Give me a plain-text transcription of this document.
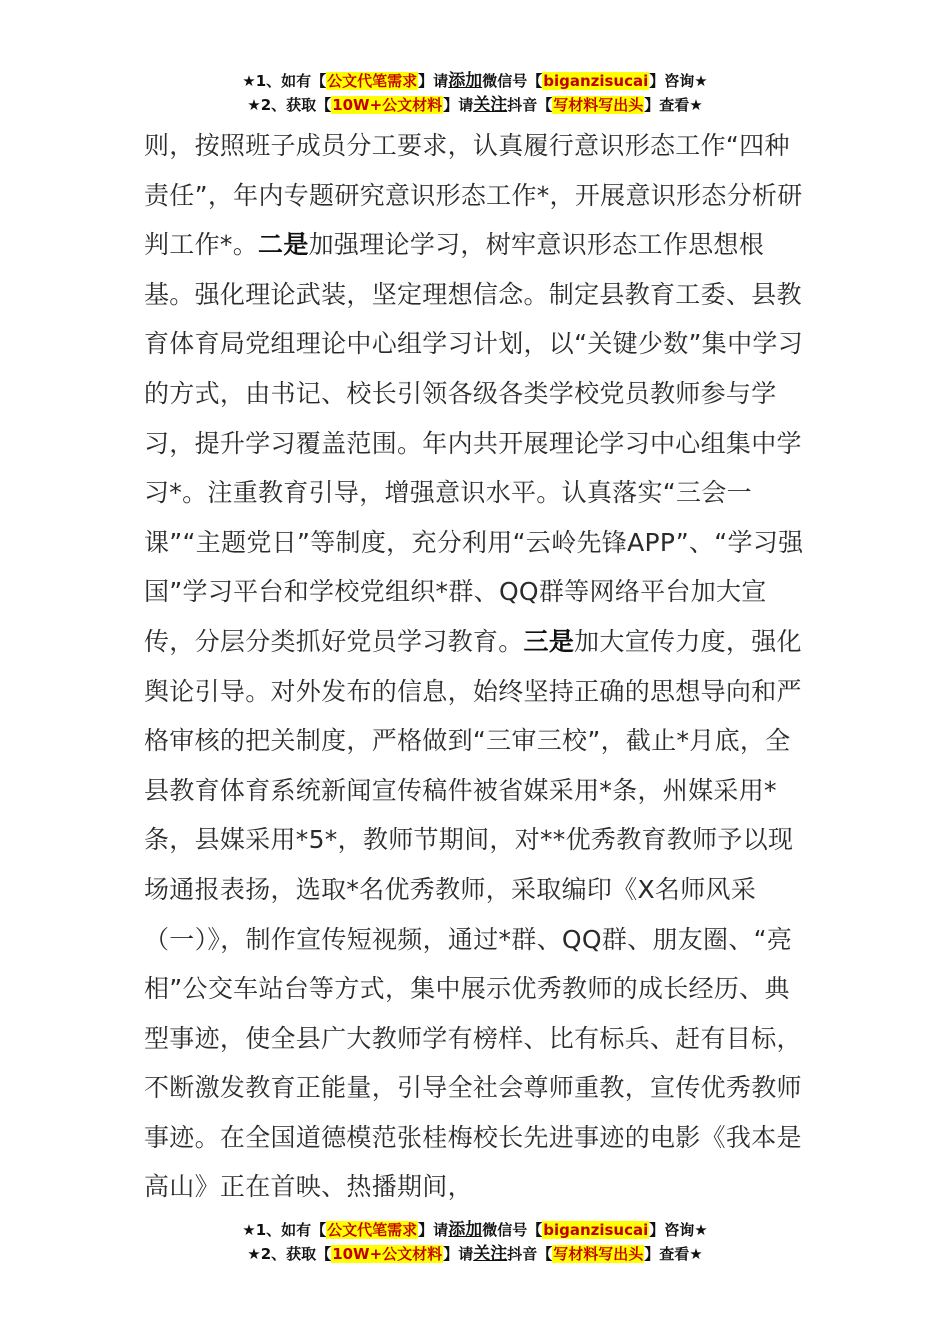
★1、如有【公文代笔需求】请添加微信号【biganzisucai】咨询★
★2、获取【10W+公文材料】请关注抖音【写材料写出头】查看★
则，按照班子成员分工要求，认真履行意识形态工作“四种责任”，年内专题研究意识形态工作*，开展意识形态分析研判工作*。二是加强理论学习，树牢意识形态工作思想根基。强化理论武装，坚定理想信念。制定县教育工委、县教育体育局党组理论中心组学习计划，以“关键少数”集中学习的方式，由书记、校长引领各级各类学校党员教师参与学习，提升学习覆盖范围。年内共开展理论学习中心组集中学习*。注重教育引导，增强意识水平。认真落实“三会一课”“主题党日”等制度，充分利用“云岭先锋APP”、“学习强国”学习平台和学校党组织*群、QQ群等网络平台加大宣传，分层分类抓好党员学习教育。三是加大宣传力度，强化舆论引导。对外发布的信息，始终坚持正确的思想导向和严格审核的把关制度，严格做到“三审三校”，截止*月底，全县教育体育系统新闻宣传稿件被省媒采用*条，州媒采用*条，县媒采用*5*，教师节期间，对**优秀教育教师予以现场通报表扬，选取*名优秀教师，采取编印《X名师风采（一）》，制作宣传短视频，通过*群、QQ群、朋友圈、“亮相”公交车站台等方式，集中展示优秀教师的成长经历、典型事迹，使全县广大教师学有榜样、比有标兵、赶有目标，不断激发教育正能量，引导全社会尊师重教，宣传优秀教师事迹。在全国道德模范张桂梅校长先进事迹的电影《我本是高山》正在首映、热播期间，
★1、如有【公文代笔需求】请添加微信号【biganzisucai】咨询★
★2、获取【10W+公文材料】请关注抖音【写材料写出头】查看★
